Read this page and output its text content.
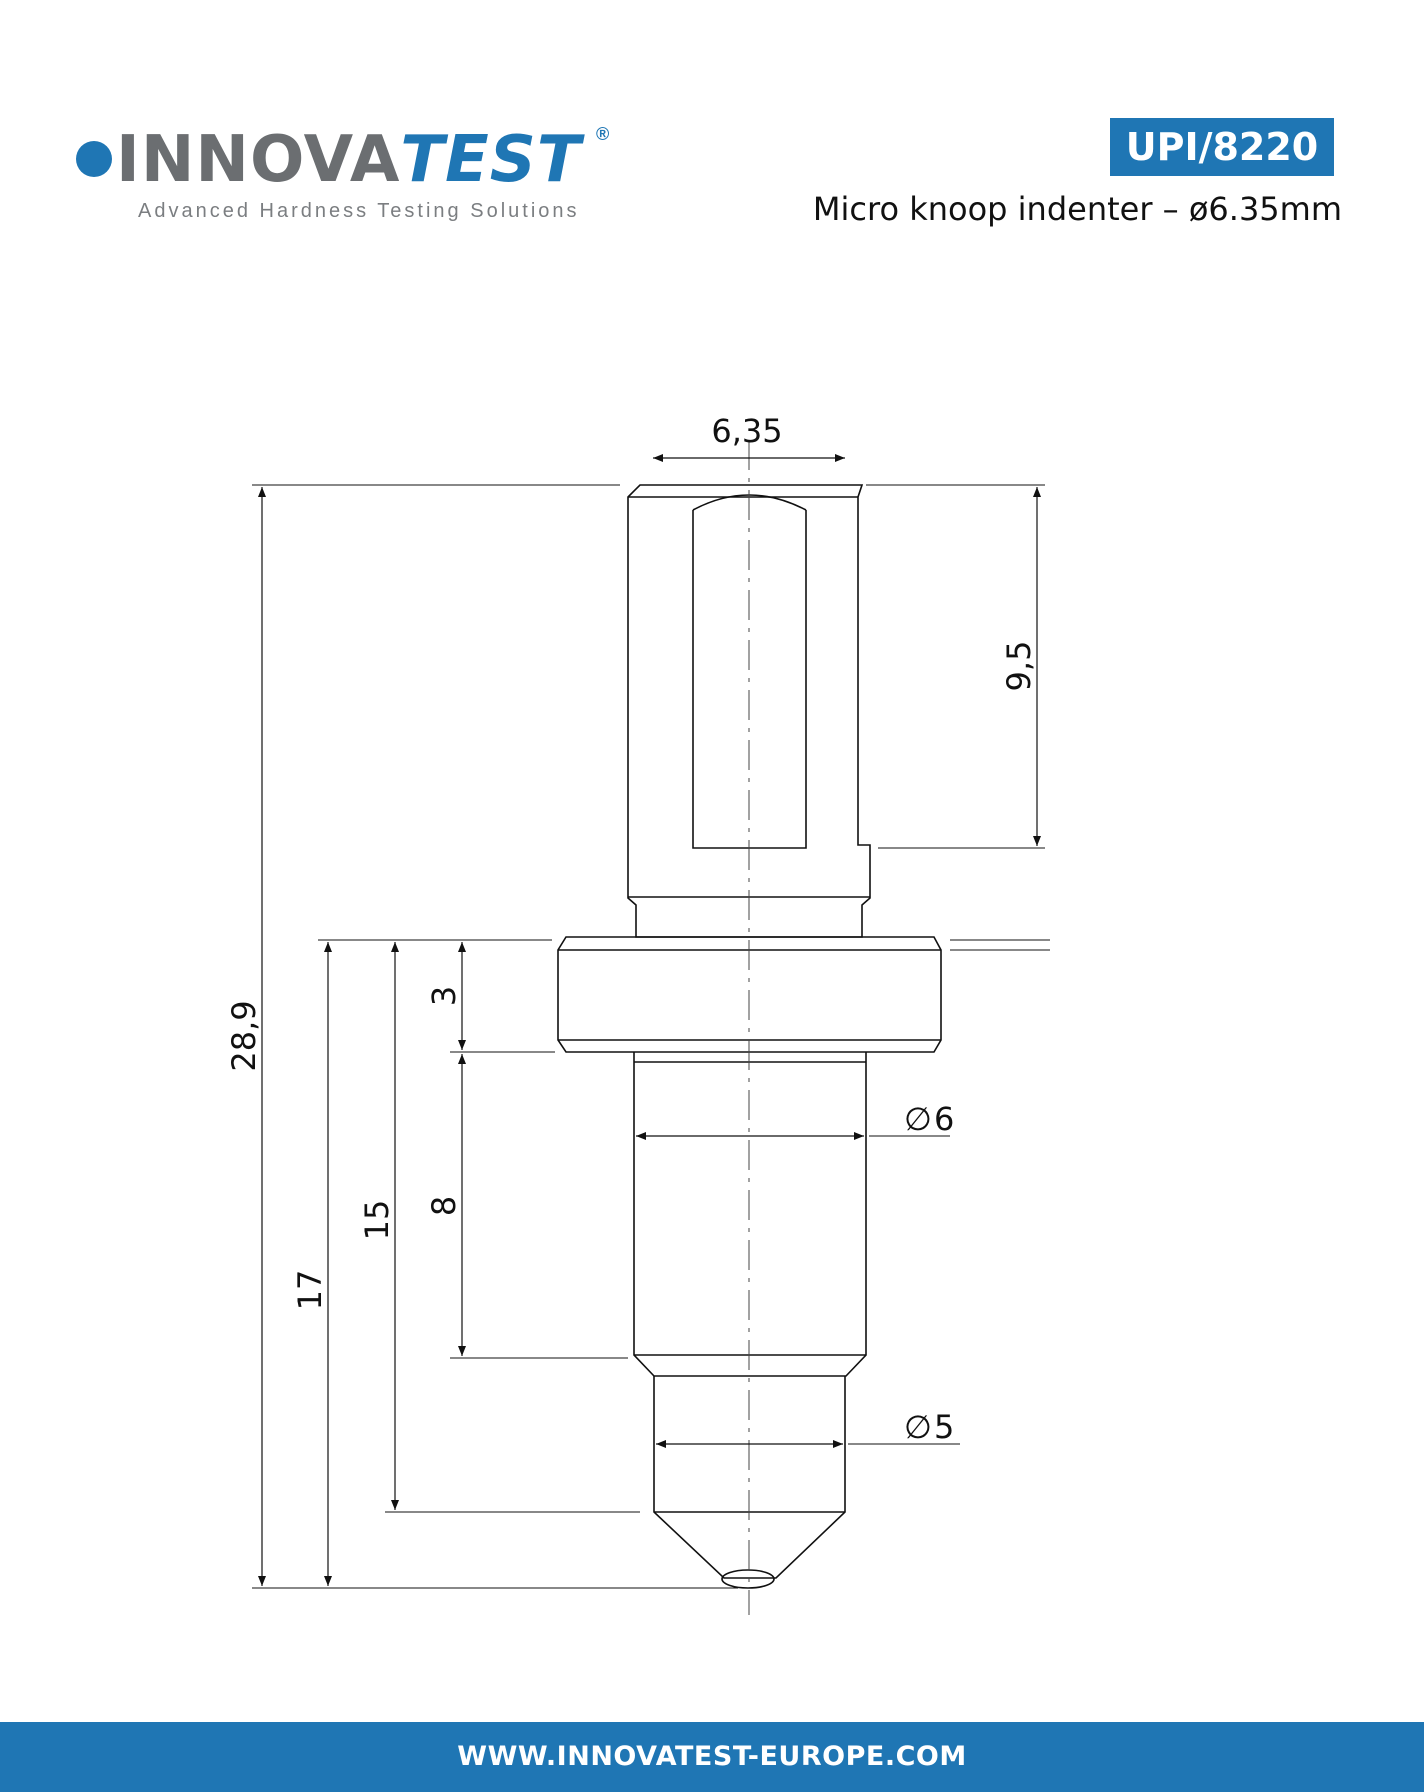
INNOVATEST ®
Advanced Hardness Testing Solutions
UPI/8220
Micro knoop indenter – ø6.35mm
6,35
9,5
28,9
17
15
3
8
∅ 6
∅ 5
WWW.INNOVATEST-EUROPE.COM
